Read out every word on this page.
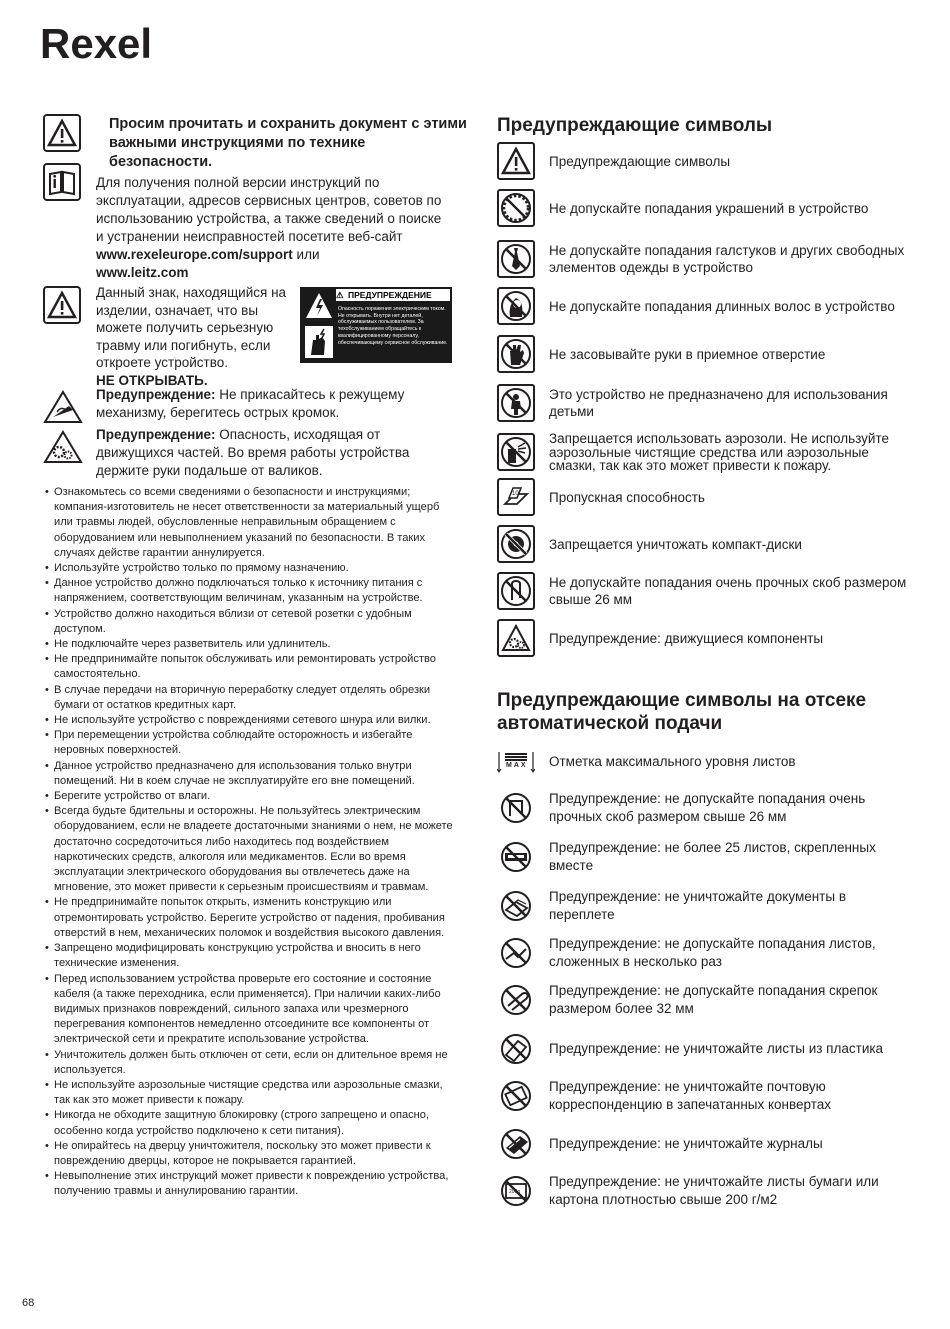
Rexel
Просим прочитать и сохранить документ с этими важными инструкциями по технике безопасности.
Для получения полной версии инструкций по эксплуатации, адресов сервисных центров, советов по использованию устройства, а также сведений о поиске и устранении неисправностей посетите веб-сайт www.rexeleurope.com/support или
www.leitz.com
Данный знак, находящийся на изделии, означает, что вы можете получить серьезную травму или погибнуть, если откроете устройство.
НЕ ОТКРЫВАТЬ.
Предупреждение: Не прикасайтесь к режущему механизму, берегитесь острых кромок.
Предупреждение: Опасность, исходящая от движущихся частей. Во время работы устройства держите руки подальше от валиков.
⚠ ПРЕДУПРЕЖДЕНИЕ
Опасность поражения электрическим током. Не открывать. Внутри нет деталей, обслуживаемых пользователем. За техобслуживанием обращайтесь к квалифицированному персоналу, обеспечивающему сервисное обслуживание.
• Ознакомьтесь со всеми сведениями о безопасности и инструкциями; компания-изготовитель не несет ответственности за материальный ущерб или травмы людей, обусловленные неправильным обращением с оборудованием или невыполнением указаний по безопасности. В таких случаях действе гарантии аннулируется.
• Используйте устройство только по прямому назначению.
• Данное устройство должно подключаться только к источнику питания с напряжением, соответствующим величинам, указанным на устройстве.
• Устройство должно находиться вблизи от сетевой розетки с удобным доступом.
• Не подключайте через разветвитель или удлинитель.
• Не предпринимайте попыток обслуживать или ремонтировать устройство самостоятельно.
• В случае передачи на вторичную переработку следует отделять обрезки бумаги от остатков кредитных карт.
• Не используйте устройство с повреждениями сетевого шнура или вилки.
• При перемещении устройства соблюдайте осторожность и избегайте неровных поверхностей.
• Данное устройство предназначено для использования только внутри помещений. Ни в коем случае не эксплуатируйте его вне помещений.
• Берегите устройство от влаги.
• Всегда будьте бдительны и осторожны. Не пользуйтесь электрическим оборудованием, если не владеете достаточными знаниями о нем, не можете достаточно сосредоточиться либо находитесь под воздействием наркотических средств, алкоголя или медикаментов. Если во время эксплуатации электрического оборудования вы отвлечетесь даже на мгновение, это может привести к серьезным происшествиям и травмам.
• Не предпринимайте попыток открыть, изменить конструкцию или отремонтировать устройство. Берегите устройство от падения, пробивания отверстий в нем, механических поломок и воздействия высокого давления.
• Запрещено модифицировать конструкцию устройства и вносить в него технические изменения.
• Перед использованием устройства проверьте его состояние и состояние кабеля (а также переходника, если применяется). При наличии каких-либо видимых признаков повреждений, сильного запаха или чрезмерного перегревания компонентов немедленно отсоедините все компоненты от электрической сети и прекратите использование устройства.
• Уничтожитель должен быть отключен от сети, если он длительное время не используется.
• Не используйте аэрозольные чистящие средства или аэрозольные смазки, так как это может привести к пожару.
• Никогда не обходите защитную блокировку (строго запрещено и опасно, особенно когда устройство подключено к сети питания).
• Не опирайтесь на дверцу уничтожителя, поскольку это может привести к повреждению дверцы, которое не покрывается гарантией.
• Невыполнение этих инструкций может привести к повреждению устройства, получению травмы и аннулированию гарантии.
68
Предупреждающие символы
Предупреждающие символы
Не допускайте попадания украшений в устройство
Не допускайте попадания галстуков и других свободных элементов одежды в устройство
Не допускайте попадания длинных волос в устройство
Не засовывайте руки в приемное отверстие
Это устройство не предназначено для использования детьми
Запрещается использовать аэрозоли. Не используйте аэрозольные чистящие средства или аэрозольные смазки, так как это может привести к пожару.
10 Пропускная способность
Запрещается уничтожать компакт-диски
Не допускайте попадания очень прочных скоб размером свыше 26 мм
Предупреждение: движущиеся компоненты
Предупреждающие символы на отсеке автоматической подачи
MAX Отметка максимального уровня листов
Предупреждение: не допускайте попадания очень прочных скоб размером свыше 26 мм
Предупреждение: не более 25 листов, скрепленных вместе
Предупреждение: не уничтожайте документы в переплете
Предупреждение: не допускайте попадания листов, сложенных в несколько раз
Предупреждение: не допускайте попадания скрепок размером более 32 мм
Предупреждение: не уничтожайте листы из пластика
Предупреждение: не уничтожайте почтовую корреспонденцию в запечатанных конвертах
Предупреждение: не уничтожайте журналы
200g
Предупреждение: не уничтожайте листы бумаги или картона плотностью свыше 200 г/м2
